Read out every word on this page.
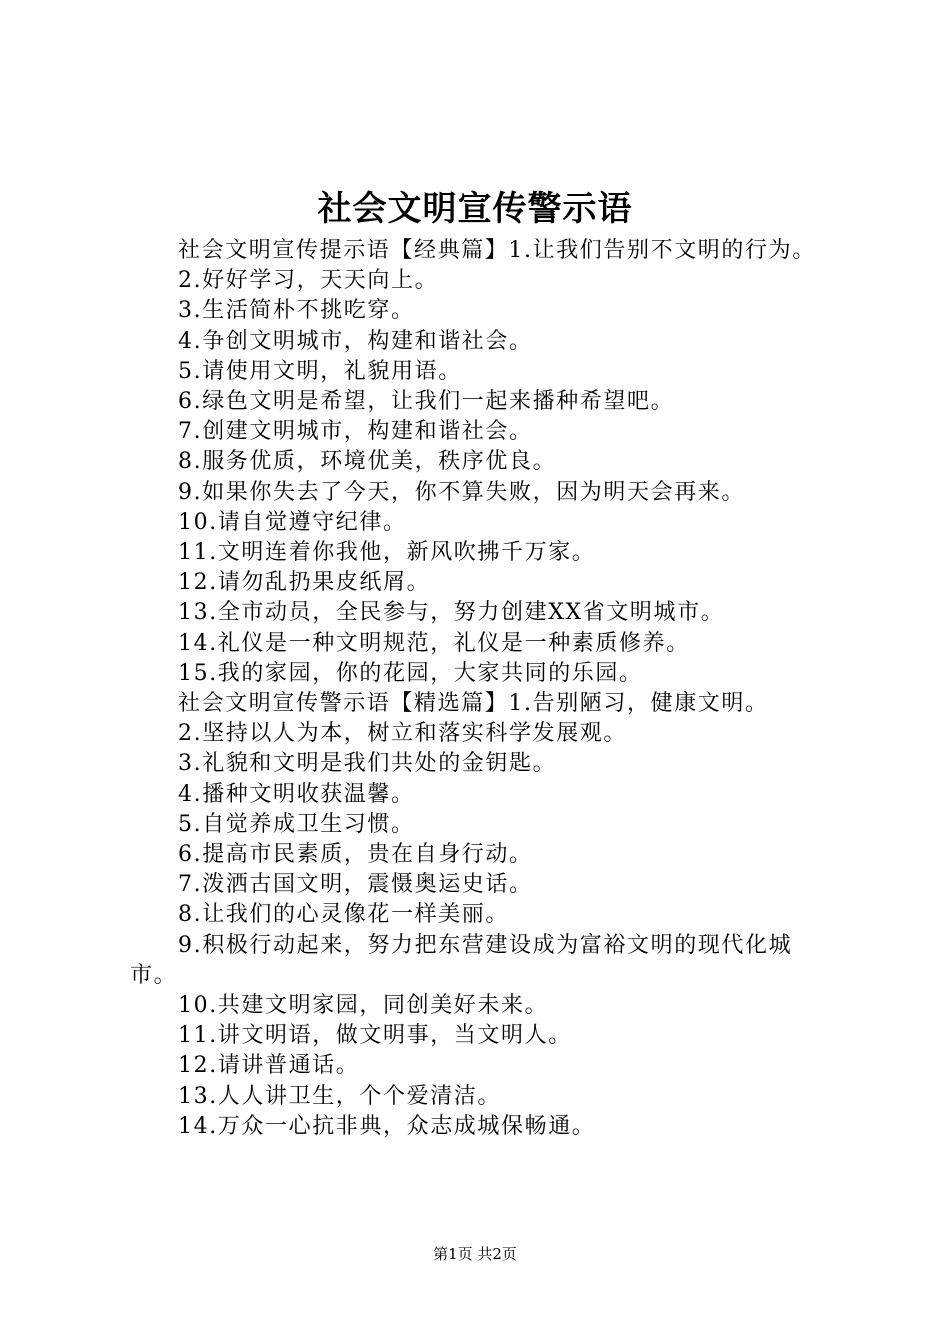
社会文明宣传警示语

社会文明宣传提示语【经典篇】1.让我们告别不文明的行为。

2.好好学习，天天向上。

3.生活简朴不挑吃穿。

4.争创文明城市，构建和谐社会。

5.请使用文明，礼貌用语。

6.绿色文明是希望，让我们一起来播种希望吧。

7.创建文明城市，构建和谐社会。

8.服务优质，环境优美，秩序优良。

9.如果你失去了今天，你不算失败，因为明天会再来。

10.请自觉遵守纪律。

11.文明连着你我他，新风吹拂千万家。

12.请勿乱扔果皮纸屑。

13.全市动员，全民参与，努力创建XX省文明城市。

14.礼仪是一种文明规范，礼仪是一种素质修养。

15.我的家园，你的花园，大家共同的乐园。

社会文明宣传警示语【精选篇】1.告别陋习，健康文明。

2.坚持以人为本，树立和落实科学发展观。

3.礼貌和文明是我们共处的金钥匙。

4.播种文明收获温馨。

5.自觉养成卫生习惯。

6.提高市民素质，贵在自身行动。

7.泼洒古国文明，震慑奥运史话。

8.让我们的心灵像花一样美丽。

9.积极行动起来，努力把东营建设成为富裕文明的现代化城市。

10.共建文明家园，同创美好未来。

11.讲文明语，做文明事，当文明人。

12.请讲普通话。

13.人人讲卫生，个个爱清洁。

14.万众一心抗非典，众志成城保畅通。

第1页 共2页
